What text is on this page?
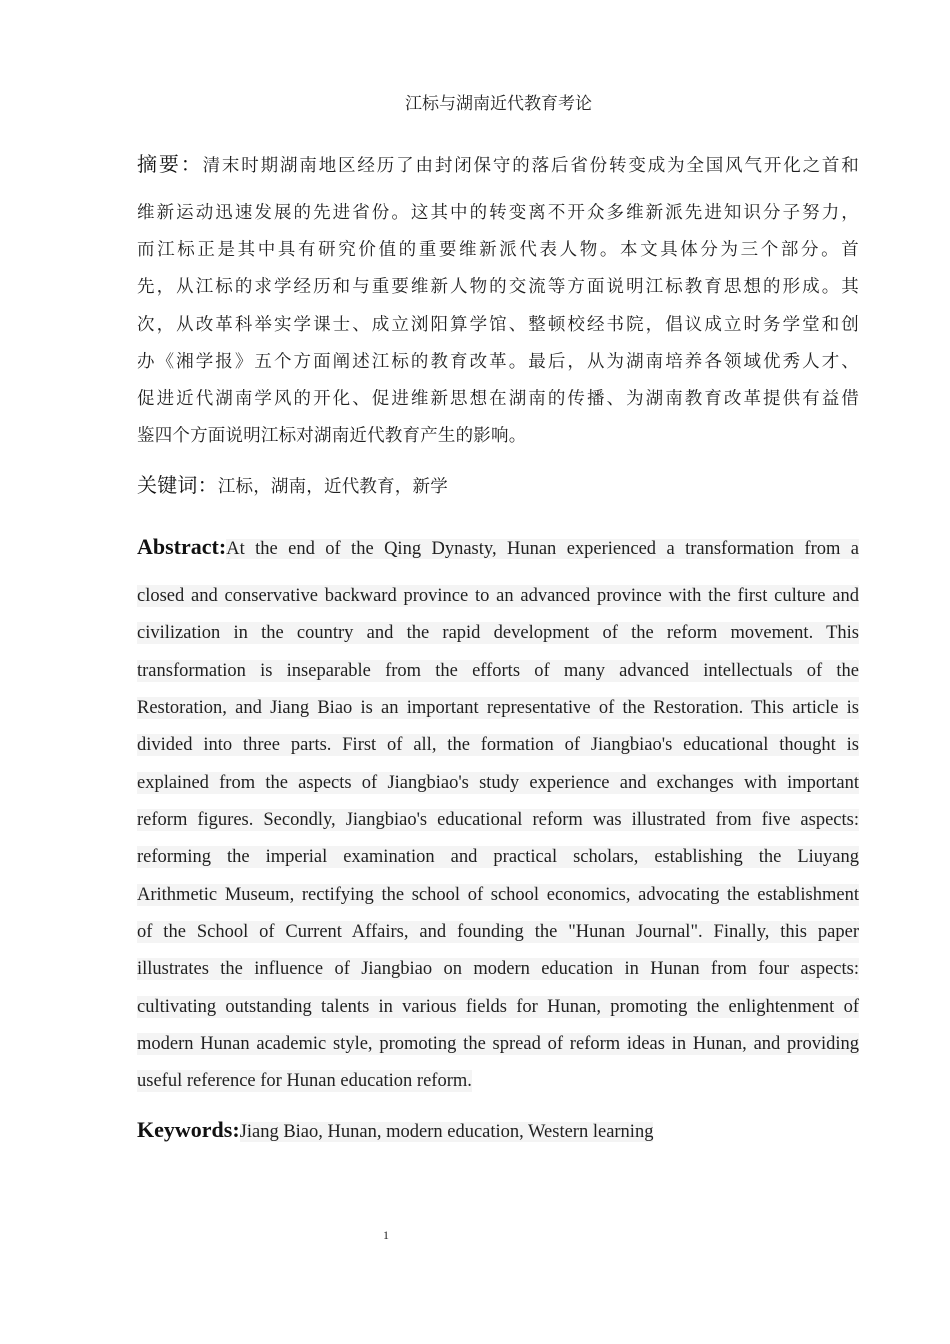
江标与湖南近代教育考论
摘要：清末时期湖南地区经历了由封闭保守的落后省份转变成为全国风气开化之首和
维新运动迅速发展的先进省份。这其中的转变离不开众多维新派先进知识分子努力，
而江标正是其中具有研究价值的重要维新派代表人物。本文具体分为三个部分。首
先，从江标的求学经历和与重要维新人物的交流等方面说明江标教育思想的形成。其
次，从改革科举实学课士、成立浏阳算学馆、整顿校经书院，倡议成立时务学堂和创
办《湘学报》五个方面阐述江标的教育改革。最后，从为湖南培养各领域优秀人才、
促进近代湖南学风的开化、促进维新思想在湖南的传播、为湖南教育改革提供有益借
鉴四个方面说明江标对湖南近代教育产生的影响。
关键词：江标，湖南，近代教育，新学
Abstract:At the end of the Qing Dynasty, Hunan experienced a transformation from a
closed and conservative backward province to an advanced province with the first culture and
civilization in the country and the rapid development of the reform movement. This
transformation is inseparable from the efforts of many advanced intellectuals of the
Restoration, and Jiang Biao is an important representative of the Restoration. This article is
divided into three parts. First of all, the formation of Jiangbiao's educational thought is
explained from the aspects of Jiangbiao's study experience and exchanges with important
reform figures. Secondly, Jiangbiao's educational reform was illustrated from five aspects:
reforming the imperial examination and practical scholars, establishing the Liuyang
Arithmetic Museum, rectifying the school of school economics, advocating the establishment
of the School of Current Affairs, and founding the "Hunan Journal". Finally, this paper
illustrates the influence of Jiangbiao on modern education in Hunan from four aspects:
cultivating outstanding talents in various fields for Hunan, promoting the enlightenment of
modern Hunan academic style, promoting the spread of reform ideas in Hunan, and providing
useful reference for Hunan education reform.
Keywords:Jiang Biao, Hunan, modern education, Western learning
1
